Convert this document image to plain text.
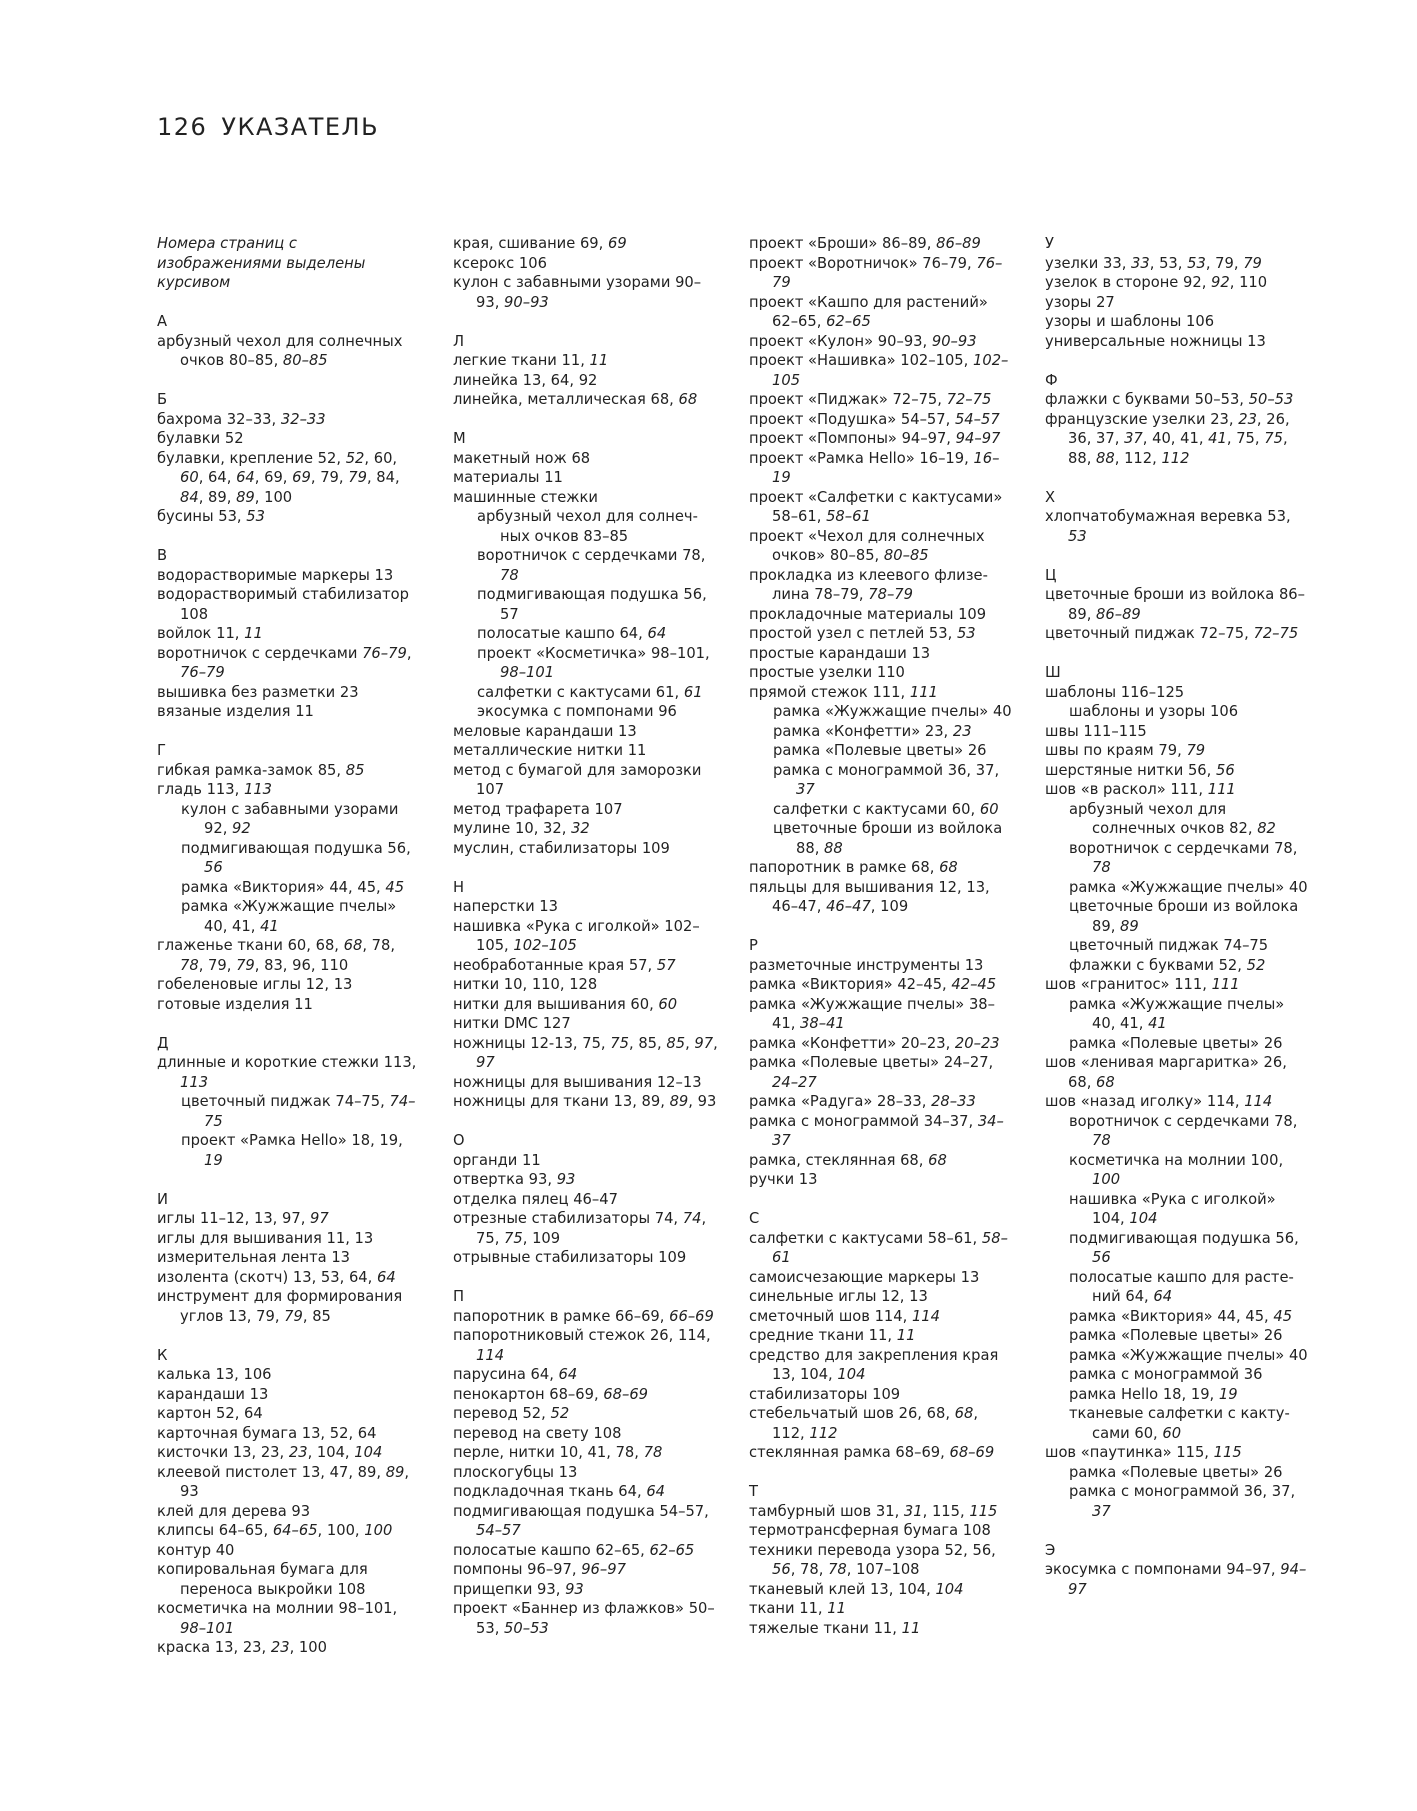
126 УКАЗАТЕЛЬ
Номера страниц с изображениями выделены курсивом
А
арбузный чехол для солнечных очков 80–85, 80–85
Б
бахрома 32–33, 32–33
булавки 52
булавки, крепление 52, 52, 60, 60, 64, 64, 69, 69, 79, 79, 84, 84, 89, 89, 100
бусины 53, 53
В
водорастворимые маркеры 13
водорастворимый стабилизатор 108
войлок 11, 11
воротничок с сердечками 76–79, 76–79
вышивка без разметки 23
вязаные изделия 11
Г
гибкая рамка-замок 85, 85
гладь 113, 113
кулон с забавными узорами 92, 92
подмигивающая подушка 56, 56
рамка «Виктория» 44, 45, 45
рамка «Жужжащие пчелы» 40, 41, 41
глаженье ткани 60, 68, 68, 78, 78, 79, 79, 83, 96, 110
гобеленовые иглы 12, 13
готовые изделия 11
Д
длинные и короткие стежки 113, 113
цветочный пиджак 74–75, 74–75
проект «Рамка Hello» 18, 19, 19
И
иглы 11–12, 13, 97, 97
иглы для вышивания 11, 13
измерительная лента 13
изолента (скотч) 13, 53, 64, 64
инструмент для формирования углов 13, 79, 79, 85
К
калька 13, 106
карандаши 13
картон 52, 64
карточная бумага 13, 52, 64
кисточки 13, 23, 23, 104, 104
клеевой пистолет 13, 47, 89, 89, 93
клей для дерева 93
клипсы 64–65, 64–65, 100, 100
контур 40
копировальная бумага для переноса выкройки 108
косметичка на молнии 98–101, 98–101
краска 13, 23, 23, 100
края, сшивание 69, 69
ксерокс 106
кулон с забавными узорами 90–93, 90–93
Л
легкие ткани 11, 11
линейка 13, 64, 92
линейка, металлическая 68, 68
М
макетный нож 68
материалы 11
машинные стежки
арбузный чехол для солнечных очков 83–85
воротничок с сердечками 78, 78
подмигивающая подушка 56, 57
полосатые кашпо 64, 64
проект «Косметичка» 98–101, 98–101
салфетки с кактусами 61, 61
экосумка с помпонами 96
меловые карандаши 13
металлические нитки 11
метод с бумагой для заморозки 107
метод трафарета 107
мулине 10, 32, 32
муслин, стабилизаторы 109
Н
наперстки 13
нашивка «Рука с иголкой» 102–105, 102–105
необработанные края 57, 57
нитки 10, 110, 128
нитки для вышивания 60, 60
нитки DMC 127
ножницы 12-13, 75, 75, 85, 85, 97, 97
ножницы для вышивания 12–13
ножницы для ткани 13, 89, 89, 93
О
органди 11
отвертка 93, 93
отделка пялец 46–47
отрезные стабилизаторы 74, 74, 75, 75, 109
отрывные стабилизаторы 109
П
папоротник в рамке 66–69, 66–69
папоротниковый стежок 26, 114, 114
парусина 64, 64
пенокартон 68–69, 68–69
перевод 52, 52
перевод на свету 108
перле, нитки 10, 41, 78, 78
плоскогубцы 13
подкладочная ткань 64, 64
подмигивающая подушка 54–57, 54–57
полосатые кашпо 62–65, 62–65
помпоны 96–97, 96–97
прищепки 93, 93
проект «Баннер из флажков» 50–53, 50–53
проект «Броши» 86–89, 86–89
проект «Воротничок» 76–79, 76–79
проект «Кашпо для растений» 62–65, 62–65
проект «Кулон» 90–93, 90–93
проект «Нашивка» 102–105, 102–105
проект «Пиджак» 72–75, 72–75
проект «Подушка» 54–57, 54–57
проект «Помпоны» 94–97, 94–97
проект «Рамка Hello» 16–19, 16–19
проект «Салфетки с кактусами» 58–61, 58–61
проект «Чехол для солнечных очков» 80–85, 80–85
прокладка из клеевого флизелина 78–79, 78–79
прокладочные материалы 109
простой узел с петлей 53, 53
простые карандаши 13
простые узелки 110
прямой стежок 111, 111
рамка «Жужжащие пчелы» 40
рамка «Конфетти» 23, 23
рамка «Полевые цветы» 26
рамка с монограммой 36, 37, 37
салфетки с кактусами 60, 60
цветочные броши из войлока 88, 88
папоротник в рамке 68, 68
пяльцы для вышивания 12, 13, 46–47, 46–47, 109
Р
разметочные инструменты 13
рамка «Виктория» 42–45, 42–45
рамка «Жужжащие пчелы» 38–41, 38–41
рамка «Конфетти» 20–23, 20–23
рамка «Полевые цветы» 24–27, 24–27
рамка «Радуга» 28–33, 28–33
рамка с монограммой 34–37, 34–37
рамка, стеклянная 68, 68
ручки 13
С
салфетки с кактусами 58–61, 58–61
самоисчезающие маркеры 13
синельные иглы 12, 13
сметочный шов 114, 114
средние ткани 11, 11
средство для закрепления края 13, 104, 104
стабилизаторы 109
стебельчатый шов 26, 68, 68, 112, 112
стеклянная рамка 68–69, 68–69
Т
тамбурный шов 31, 31, 115, 115
термотрансферная бумага 108
техники перевода узора 52, 56, 56, 78, 78, 107–108
тканевый клей 13, 104, 104
ткани 11, 11
тяжелые ткани 11, 11
У
узелки 33, 33, 53, 53, 79, 79
узелок в стороне 92, 92, 110
узоры 27
узоры и шаблоны 106
универсальные ножницы 13
Ф
флажки с буквами 50–53, 50–53
французские узелки 23, 23, 26, 36, 37, 37, 40, 41, 41, 75, 75, 88, 88, 112, 112
Х
хлопчатобумажная веревка 53, 53
Ц
цветочные броши из войлока 86–89, 86–89
цветочный пиджак 72–75, 72–75
Ш
шаблоны 116–125
шаблоны и узоры 106
швы 111–115
швы по краям 79, 79
шерстяные нитки 56, 56
шов «в раскол» 111, 111
арбузный чехол для солнечных очков 82, 82
воротничок с сердечками 78, 78
рамка «Жужжащие пчелы» 40
цветочные броши из войлока 89, 89
цветочный пиджак 74–75
флажки с буквами 52, 52
шов «гранитос» 111, 111
рамка «Жужжащие пчелы» 40, 41, 41
рамка «Полевые цветы» 26
шов «ленивая маргаритка» 26, 68, 68
шов «назад иголку» 114, 114
воротничок с сердечками 78, 78
косметичка на молнии 100, 100
нашивка «Рука с иголкой» 104, 104
подмигивающая подушка 56, 56
полосатые кашпо для растений 64, 64
рамка «Виктория» 44, 45, 45
рамка «Полевые цветы» 26
рамка «Жужжащие пчелы» 40
рамка с монограммой 36
рамка Hello 18, 19, 19
тканевые салфетки с кактусами 60, 60
шов «паутинка» 115, 115
рамка «Полевые цветы» 26
рамка с монограммой 36, 37, 37
Э
экосумка с помпонами 94–97, 94–97
